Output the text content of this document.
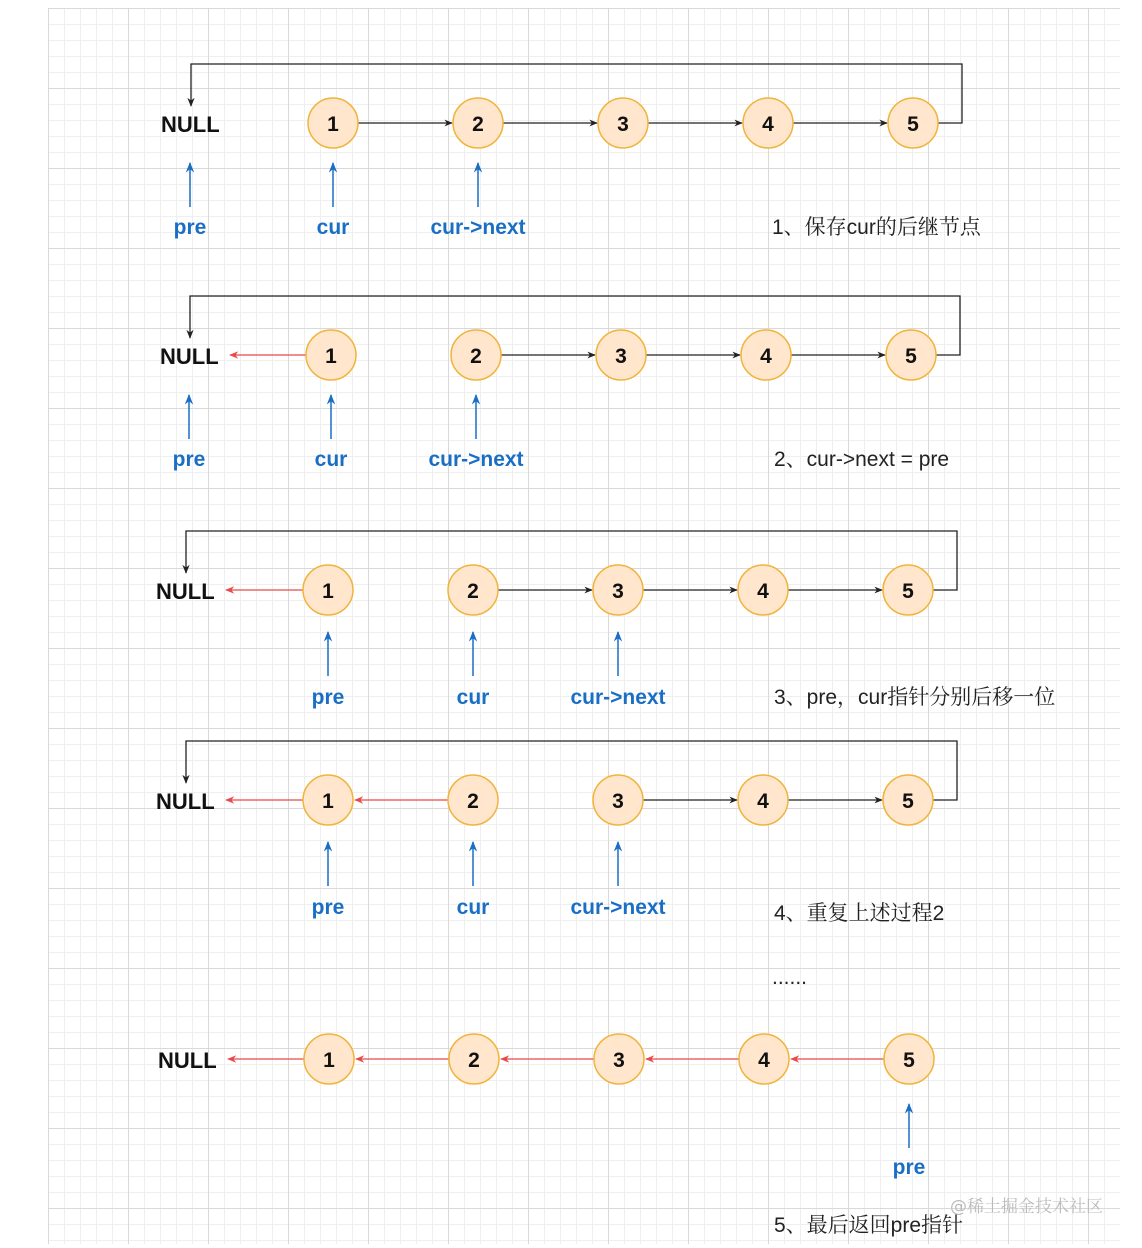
NULL	1	2	3	4	5
pre	cur	cur->next	1、保存cur的后继节点
NULL	1	2	3	4	5
pre	cur	cur->next	2、cur->next = pre
NULL	1	2	3	4	5
pre	cur	cur->next	3、pre，cur指针分别后移一位
NULL	1	2	3	4	5
pre	cur	cur->next	4、重复上述过程2
NULL	1	2	3	4	5
pre
5、最后返回pre指针
......
@稀土掘金技术社区
